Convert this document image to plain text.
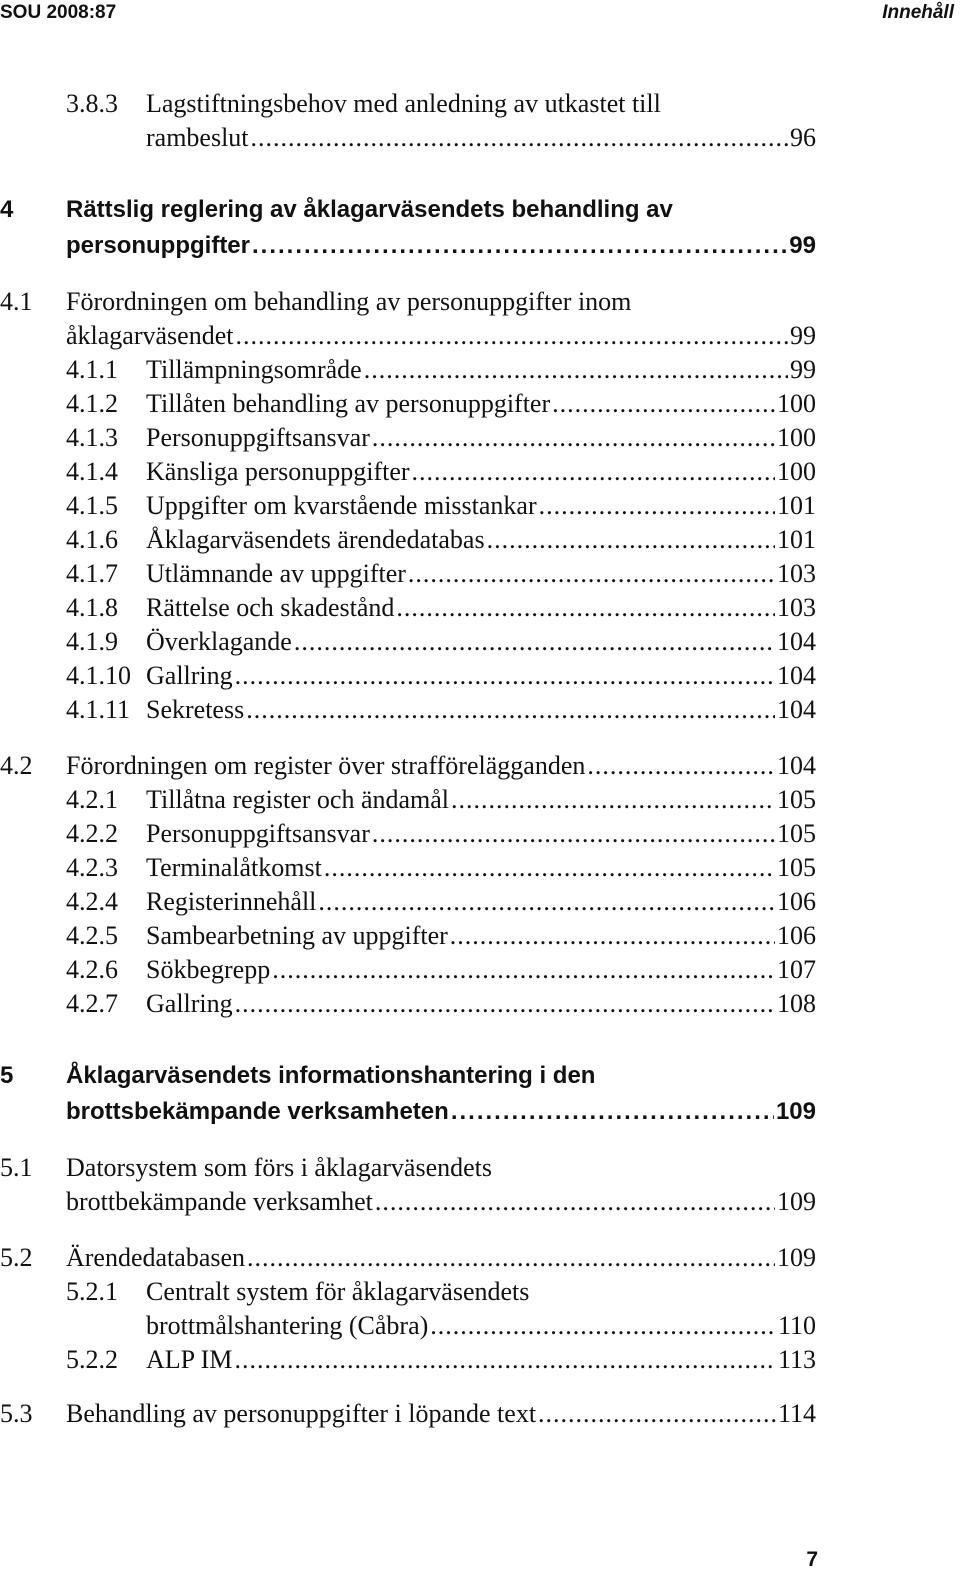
SOU 2008:87	Innehåll
3.8.3 Lagstiftningsbehov med anledning av utkastet till
rambeslut .....	96
4 Rättslig reglering av åklagarväsendets behandling av
personuppgifter .....	99
4.1 Förordningen om behandling av personuppgifter inom
åklagarväsendet .....	99
4.1.1 Tillämpningsområde .....	99
4.1.2 Tillåten behandling av personuppgifter .....	100
4.1.3 Personuppgiftsansvar .....	100
4.1.4 Känsliga personuppgifter .....	100
4.1.5 Uppgifter om kvarstående misstankar .....	101
4.1.6 Åklagarväsendets ärendedatabas .....	101
4.1.7 Utlämnande av uppgifter .....	103
4.1.8 Rättelse och skadestånd .....	103
4.1.9 Överklagande .....	104
4.1.10 Gallring .....	104
4.1.11 Sekretess .....	104
4.2 Förordningen om register över strafförelägganden .....	104
4.2.1 Tillåtna register och ändamål .....	105
4.2.2 Personuppgiftsansvar .....	105
4.2.3 Terminalåtkomst .....	105
4.2.4 Registerinnehåll .....	106
4.2.5 Sambearbetning av uppgifter .....	106
4.2.6 Sökbegrepp .....	107
4.2.7 Gallring .....	108
5 Åklagarväsendets informationshantering i den
brottsbekämpande verksamheten .....	109
5.1 Datorsystem som förs i åklagarväsendets
brottbekämpande verksamhet .....	109
5.2 Ärendedatabasen .....	109
5.2.1 Centralt system för åklagarväsendets
brottmålshantering (Cåbra) .....	110
5.2.2 ALP IM .....	113
5.3 Behandling av personuppgifter i löpande text .....	114
7
